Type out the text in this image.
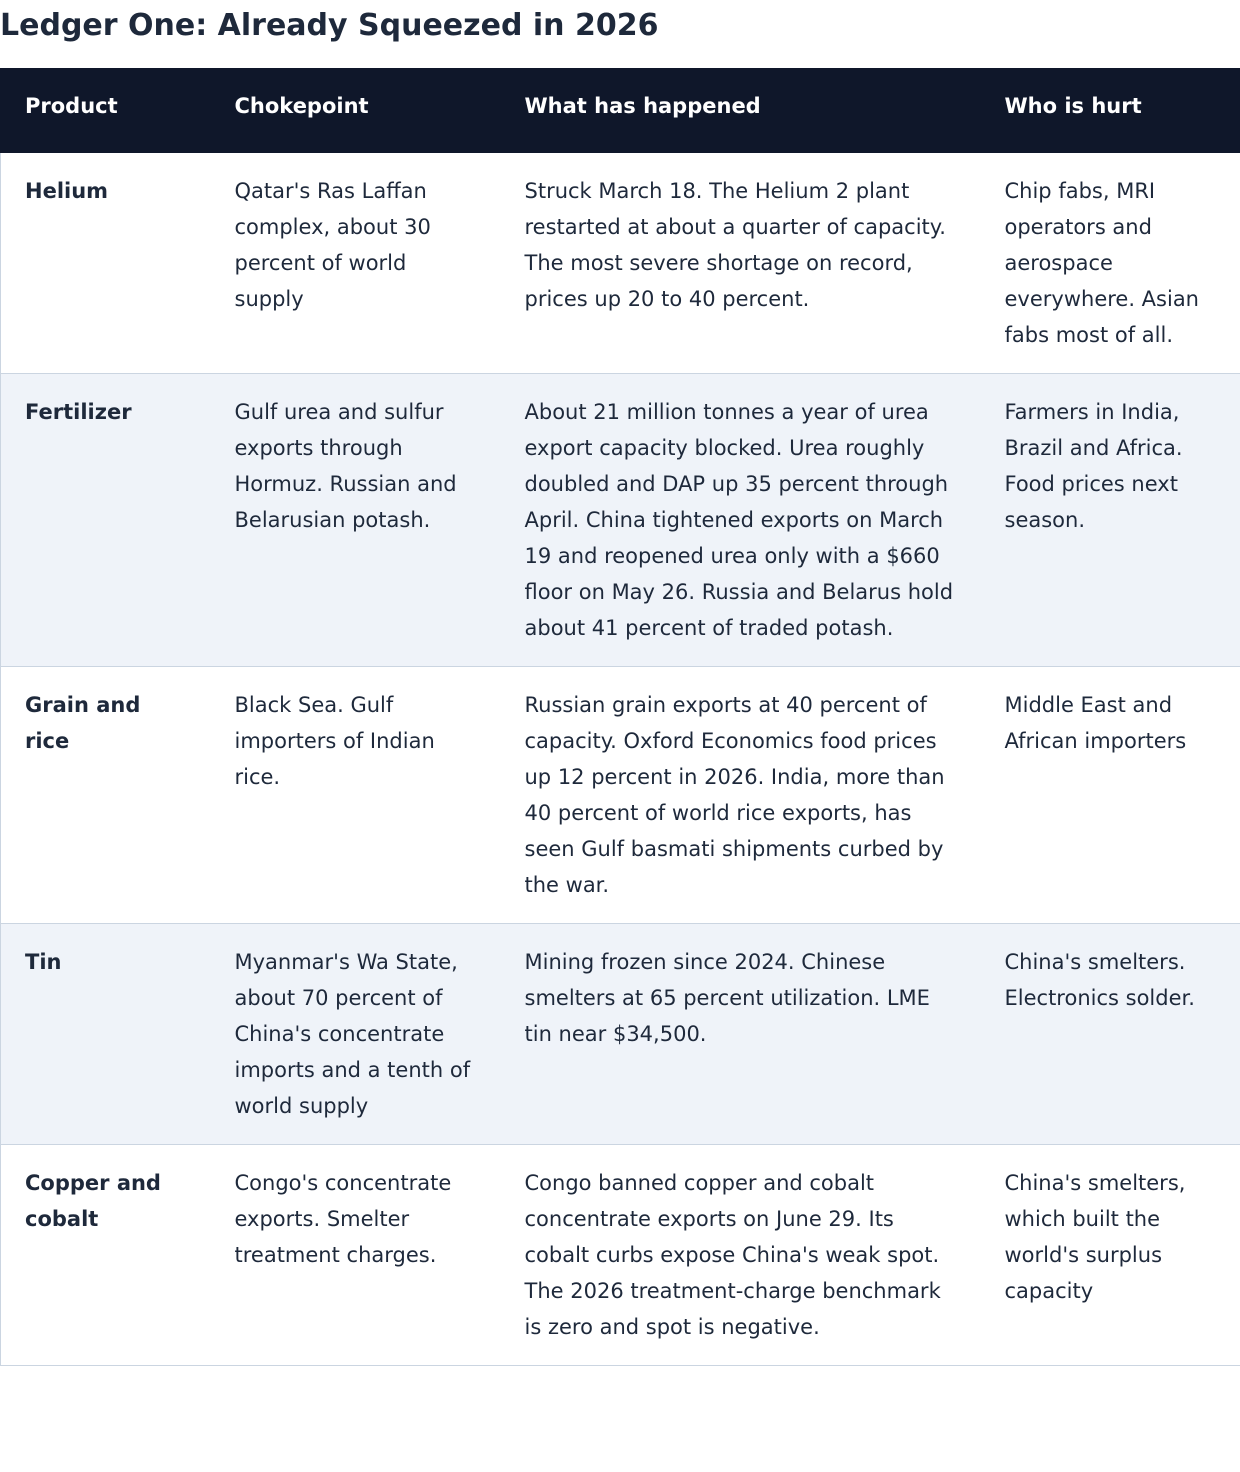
Ledger One: Already Squeezed in 2026
Product	Chokepoint	What has happened	Who is hurt
Helium	Qatar's Ras Laffan complex, about 30 percent of world supply	Struck March 18. The Helium 2 plant restarted at about a quarter of capacity. The most severe shortage on record, prices up 20 to 40 percent.	Chip fabs, MRI operators and aerospace everywhere. Asian fabs most of all.
Fertilizer	Gulf urea and sulfur exports through Hormuz. Russian and Belarusian potash.	About 21 million tonnes a year of urea export capacity blocked. Urea roughly doubled and DAP up 35 percent through April. China tightened exports on March 19 and reopened urea only with a $660 floor on May 26. Russia and Belarus hold about 41 percent of traded potash.	Farmers in India, Brazil and Africa. Food prices next season.
Grain and rice	Black Sea. Gulf importers of Indian rice.	Russian grain exports at 40 percent of capacity. Oxford Economics food prices up 12 percent in 2026. India, more than 40 percent of world rice exports, has seen Gulf basmati shipments curbed by the war.	Middle East and African importers
Tin	Myanmar's Wa State, about 70 percent of China's concentrate imports and a tenth of world supply	Mining frozen since 2024. Chinese smelters at 65 percent utilization. LME tin near $34,500.	China's smelters. Electronics solder.
Copper and cobalt	Congo's concentrate exports. Smelter treatment charges.	Congo banned copper and cobalt concentrate exports on June 29. Its cobalt curbs expose China's weak spot. The 2026 treatment-charge benchmark is zero and spot is negative.	China's smelters, which built the world's surplus capacity
